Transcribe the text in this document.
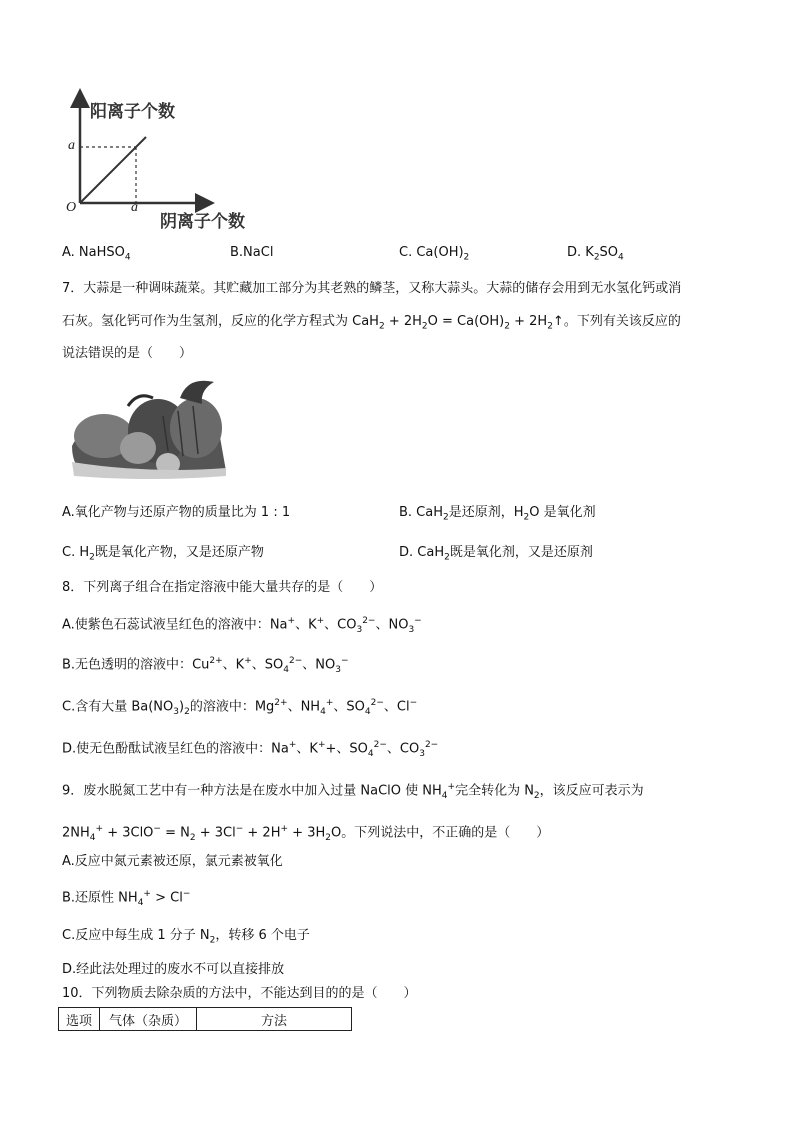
阳离子个数
阴离子个数
O
a
a
A. NaHSO$_4$	B.NaCl	C. $Ca(OH)_2$	D. $K_2SO_4$
7．大蒜是一种调味蔬菜。其贮藏加工部分为其老熟的鳞茎，又称大蒜头。大蒜的储存会用到无水氢化钙或消
石灰。氢化钙可作为生氢剂，反应的化学方程式为 $CaH_2 + 2H_2O = Ca(OH)_2$ + $2H_2↑$。下列有关该反应的
说法错误的是（　　）
A.氧化产物与还原产物的质量比为 1 : 1	B. CaH$_2$是还原剂，$H_2O$ 是氧化剂
C. $H_2$既是氧化产物，又是还原产物	D. CaH$_2$既是氧化剂，又是还原剂
8．下列离子组合在指定溶液中能大量共存的是（　　）
A.使紫色石蕊试液呈红色的溶液中：Na+、K+、$CO_3^{2-}$、$NO_3^-$
B.无色透明的溶液中：$Cu^{2+}$、K+、$SO_4^{2-}$、$NO_3^-$
C.含有大量 $Ba(NO_3)_2$的溶液中：$Mg^{2+}$、$NH_4^+$、$SO_4^{2-}$、Cl−
D.使无色酚酞试液呈红色的溶液中：Na+、K++、$SO_4^{2-}$、$CO_3^{2-}$
9．废水脱氮工艺中有一种方法是在废水中加入过量 NaClO 使 $NH_4^+$完全转化为 $N_2$，该反应可表示为
$2NH_4^+ + 3ClO^- = N_2 + 3Cl^- + 2H^+ + 3H_2O$。下列说法中，不正确的是（　　）
A.反应中氮元素被还原，氯元素被氧化
B.还原性 $NH_4^+ > Cl^-$
C.反应中每生成 1 分子 $N_2$，转移 6 个电子
D.经此法处理过的废水不可以直接排放
10．下列物质去除杂质的方法中，不能达到目的的是（　　）
选项	气体（杂质）	方法
